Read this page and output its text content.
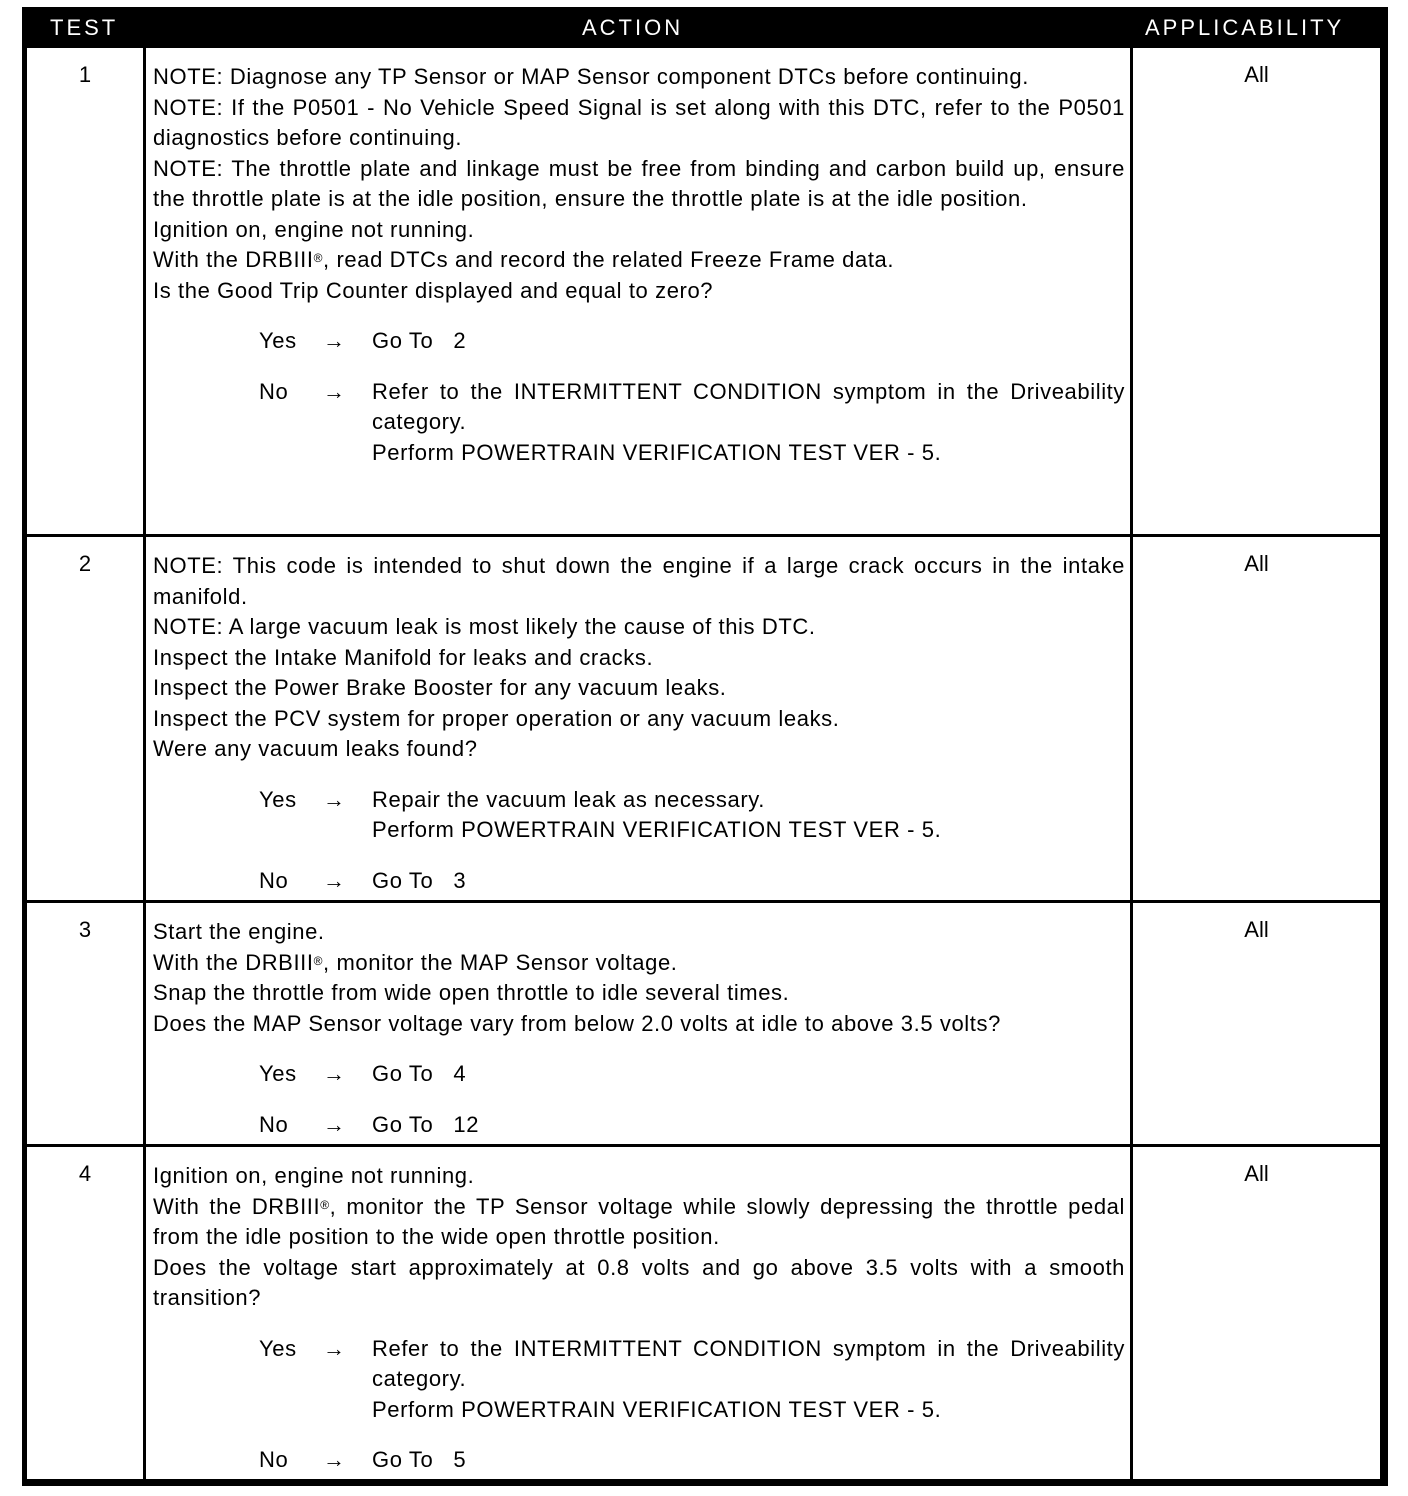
TEST	ACTION	APPLICABILITY
1	NOTE: Diagnose any TP Sensor or MAP Sensor component DTCs before continuing.

NOTE: If the P0501 - No Vehicle Speed Signal is set along with this DTC, refer to the P0501 diagnostics before continuing.

NOTE: The throttle plate and linkage must be free from binding and carbon build up, ensure the throttle plate is at the idle position, ensure the throttle plate is at the idle position.

Ignition on, engine not running.

With the DRBIII®, read DTCs and record the related Freeze Frame data.

Is the Good Trip Counter displayed and equal to zero?

Yes → Go To   2
No → Refer to the INTERMITTENT CONDITION symptom in the Driveability category.
Perform POWERTRAIN VERIFICATION TEST VER - 5.
All
2	NOTE: This code is intended to shut down the engine if a large crack occurs in the intake manifold.

NOTE: A large vacuum leak is most likely the cause of this DTC.

Inspect the Intake Manifold for leaks and cracks.

Inspect the Power Brake Booster for any vacuum leaks.

Inspect the PCV system for proper operation or any vacuum leaks.

Were any vacuum leaks found?

Yes → Repair the vacuum leak as necessary.
Perform POWERTRAIN VERIFICATION TEST VER - 5.
No → Go To   3
All
3	Start the engine.

With the DRBIII®, monitor the MAP Sensor voltage.

Snap the throttle from wide open throttle to idle several times.

Does the MAP Sensor voltage vary from below 2.0 volts at idle to above 3.5 volts?

Yes → Go To   4
No → Go To   12
All
4	Ignition on, engine not running.

With the DRBIII®, monitor the TP Sensor voltage while slowly depressing the throttle pedal from the idle position to the wide open throttle position.

Does the voltage start approximately at 0.8 volts and go above 3.5 volts with a smooth transition?

Yes → Refer to the INTERMITTENT CONDITION symptom in the Driveability category.
Perform POWERTRAIN VERIFICATION TEST VER - 5.
No → Go To   5
All
